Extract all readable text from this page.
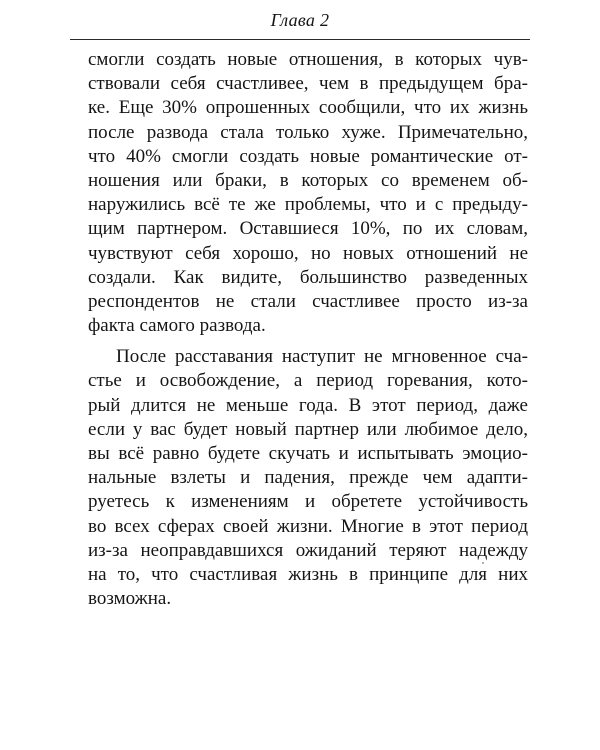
Глава 2
смогли создать новые отношения, в которых чув-
ствовали себя счастливее, чем в предыдущем бра-
ке. Еще 30% опрошенных сообщили, что их жизнь
после развода стала только хуже. Примечательно,
что 40% смогли создать новые романтические от-
ношения или браки, в которых со временем об-
наружились всё те же проблемы, что и с предыду-
щим партнером. Оставшиеся 10%, по их словам,
чувствуют себя хорошо, но новых отношений не
создали. Как видите, большинство разведенных
респондентов не стали счастливее просто из-за
факта самого развода.
После расставания наступит не мгновенное сча-
стье и освобождение, а период горевания, кото-
рый длится не меньше года. В этот период, даже
если у вас будет новый партнер или любимое дело,
вы всё равно будете скучать и испытывать эмоцио-
нальные взлеты и падения, прежде чем адапти-
руетесь к изменениям и обретете устойчивость
во всех сферах своей жизни. Многие в этот период
из-за неоправдавшихся ожиданий теряют надежду
на то, что счастливая жизнь в принципе для них
возможна.
